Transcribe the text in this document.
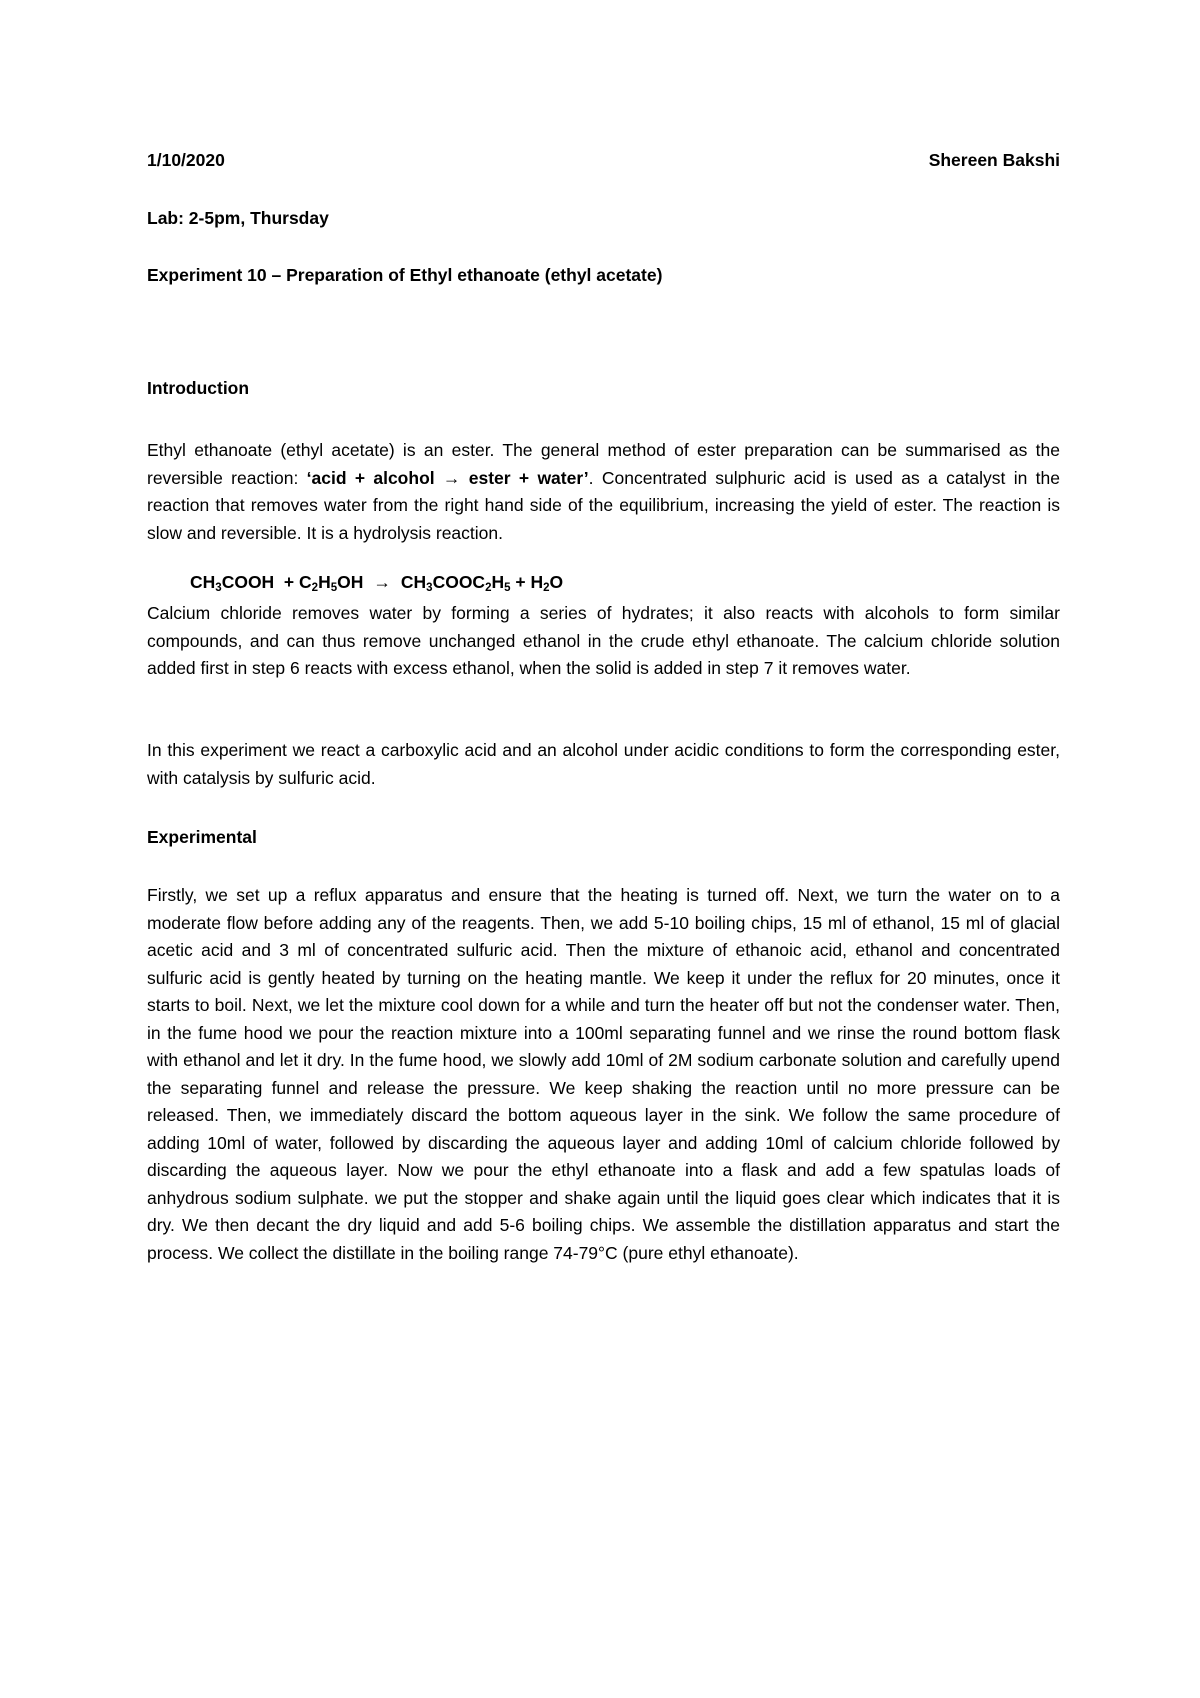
1/10/2020	Shereen Bakshi
Lab: 2-5pm, Thursday
Experiment 10 – Preparation of Ethyl ethanoate (ethyl acetate)
Introduction
Ethyl ethanoate (ethyl acetate) is an ester. The general method of ester preparation can be summarised as the reversible reaction: ‘acid + alcohol → ester + water’. Concentrated sulphuric acid is used as a catalyst in the reaction that removes water from the right hand side of the equilibrium, increasing the yield of ester. The reaction is slow and reversible. It is a hydrolysis reaction.
$CH_3COOH + C_2H_5OH$ → $CH_3COOC_2H_5 + H_2O$
Calcium chloride removes water by forming a series of hydrates; it also reacts with alcohols to form similar compounds, and can thus remove unchanged ethanol in the crude ethyl ethanoate. The calcium chloride solution added first in step 6 reacts with excess ethanol, when the solid is added in step 7 it removes water.
In this experiment we react a carboxylic acid and an alcohol under acidic conditions to form the corresponding ester, with catalysis by sulfuric acid.
Experimental
Firstly, we set up a reflux apparatus and ensure that the heating is turned off. Next, we turn the water on to a moderate flow before adding any of the reagents. Then, we add 5-10 boiling chips, 15 ml of ethanol, 15 ml of glacial acetic acid and 3 ml of concentrated sulfuric acid. Then the mixture of ethanoic acid, ethanol and concentrated sulfuric acid is gently heated by turning on the heating mantle. We keep it under the reflux for 20 minutes, once it starts to boil. Next, we let the mixture cool down for a while and turn the heater off but not the condenser water. Then, in the fume hood we pour the reaction mixture into a 100ml separating funnel and we rinse the round bottom flask with ethanol and let it dry. In the fume hood, we slowly add 10ml of 2M sodium carbonate solution and carefully upend the separating funnel and release the pressure. We keep shaking the reaction until no more pressure can be released. Then, we immediately discard the bottom aqueous layer in the sink. We follow the same procedure of adding 10ml of water, followed by discarding the aqueous layer and adding 10ml of calcium chloride followed by discarding the aqueous layer. Now we pour the ethyl ethanoate into a flask and add a few spatulas loads of anhydrous sodium sulphate. we put the stopper and shake again until the liquid goes clear which indicates that it is dry. We then decant the dry liquid and add 5-6 boiling chips. We assemble the distillation apparatus and start the process. We collect the distillate in the boiling range 74-79°C (pure ethyl ethanoate).
